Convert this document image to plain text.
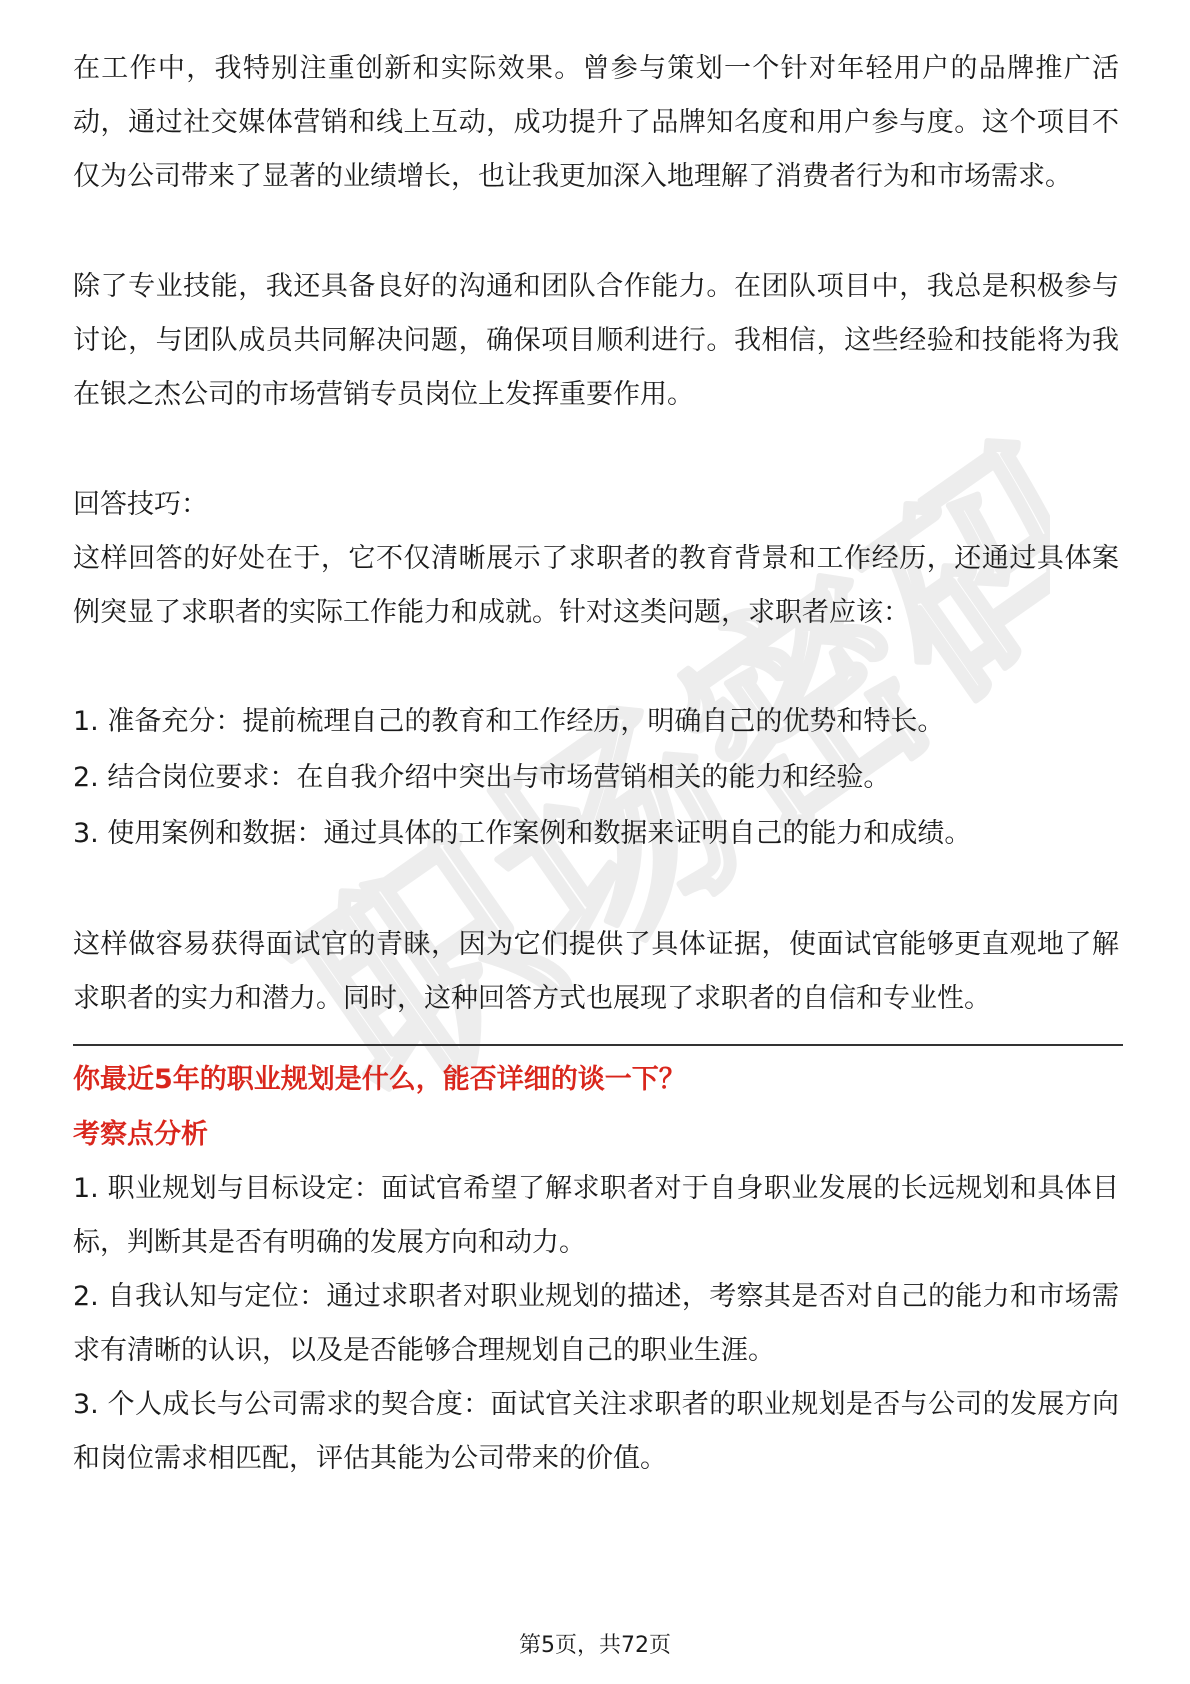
职场密码

在工作中，我特别注重创新和实际效果。曾参与策划一个针对年轻用户的品牌推广活动，通过社交媒体营销和线上互动，成功提升了品牌知名度和用户参与度。这个项目不仅为公司带来了显著的业绩增长，也让我更加深入地理解了消费者行为和市场需求。

除了专业技能，我还具备良好的沟通和团队合作能力。在团队项目中，我总是积极参与讨论，与团队成员共同解决问题，确保项目顺利进行。我相信，这些经验和技能将为我在银之杰公司的市场营销专员岗位上发挥重要作用。

回答技巧：

这样回答的好处在于，它不仅清晰展示了求职者的教育背景和工作经历，还通过具体案例突显了求职者的实际工作能力和成就。针对这类问题，求职者应该：

1. 准备充分：提前梳理自己的教育和工作经历，明确自己的优势和特长。

2. 结合岗位要求：在自我介绍中突出与市场营销相关的能力和经验。

3. 使用案例和数据：通过具体的工作案例和数据来证明自己的能力和成绩。

这样做容易获得面试官的青睐，因为它们提供了具体证据，使面试官能够更直观地了解求职者的实力和潜力。同时，这种回答方式也展现了求职者的自信和专业性。

你最近5年的职业规划是什么，能否详细的谈一下？

考察点分析

1. 职业规划与目标设定：面试官希望了解求职者对于自身职业发展的长远规划和具体目标，判断其是否有明确的发展方向和动力。

2. 自我认知与定位：通过求职者对职业规划的描述，考察其是否对自己的能力和市场需求有清晰的认识，以及是否能够合理规划自己的职业生涯。

3. 个人成长与公司需求的契合度：面试官关注求职者的职业规划是否与公司的发展方向和岗位需求相匹配，评估其能为公司带来的价值。

第5页，共72页
